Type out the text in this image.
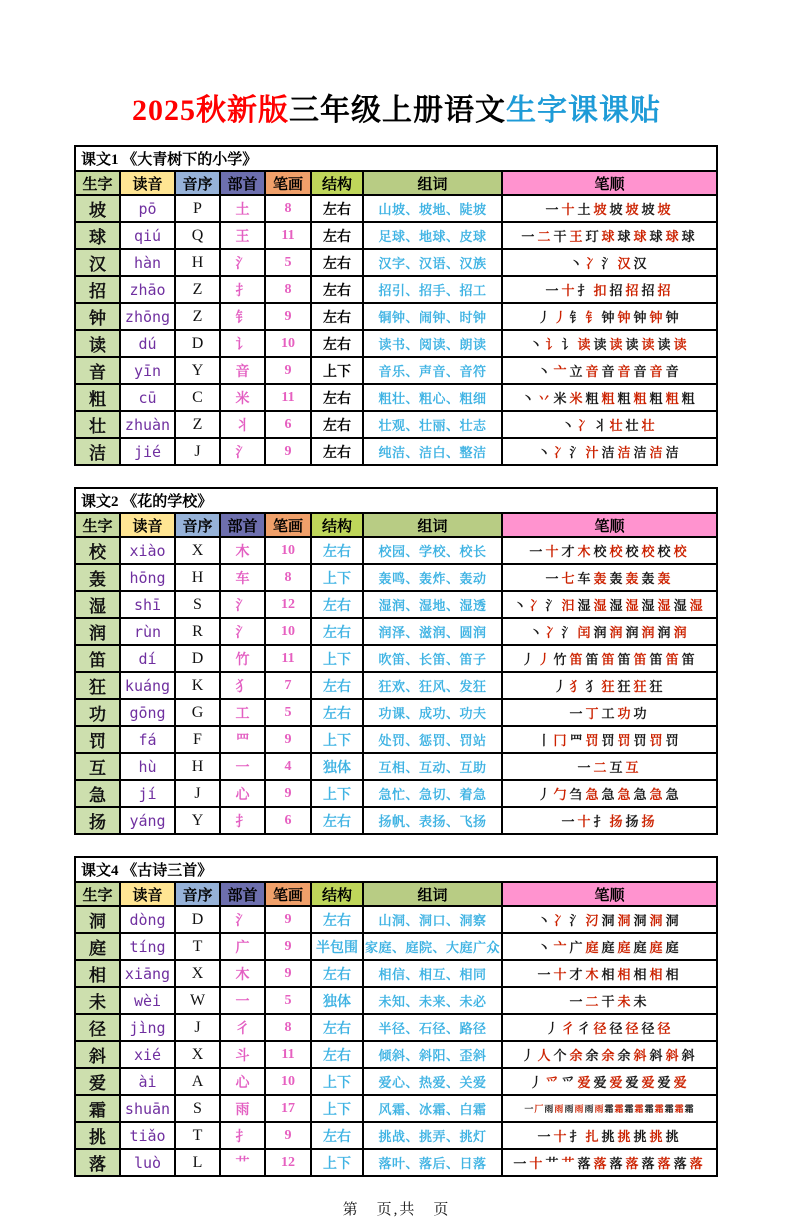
2025秋新版三年级上册语文生字课课贴
课文1 《大青树下的小学》							
生字	读音	音序	部首	笔画	结构	组词	笔顺
坡	pō	P	土	8	左右	山坡、坡地、陡坡	一 十 土 坡 坡 坡 坡 坡
球	qiú	Q	王	11	左右	足球、地球、皮球	一 二 干 王 玎 球 球 球 球 球 球
汉	hàn	H	氵	5	左右	汉字、汉语、汉族	丶 冫 氵 汉 汉
招	zhāo	Z	扌	8	左右	招引、招手、招工	一 十 扌 扣 招 招 招 招
钟	zhōng	Z	钅	9	左右	铜钟、闹钟、时钟	丿 丿 钅 钅 钟 钟 钟 钟 钟
读	dú	D	讠	10	左右	读书、阅读、朗读	丶 讠 讠 读 读 读 读 读 读 读
音	yīn	Y	音	9	上下	音乐、声音、音符	丶 亠 立 音 音 音 音 音 音
粗	cū	C	米	11	左右	粗壮、粗心、粗细	丶 丷 米 米 粗 粗 粗 粗 粗 粗 粗
壮	zhuàn	Z	丬	6	左右	壮观、壮丽、壮志	丶 冫 丬 壮 壮 壮
洁	jié	J	氵	9	左右	纯洁、洁白、整洁	丶 冫 氵 汁 洁 洁 洁 洁 洁
课文2 《花的学校》							
生字	读音	音序	部首	笔画	结构	组词	笔顺
校	xiào	X	木	10	左右	校园、学校、校长	一 十 才 木 校 校 校 校 校 校
轰	hōng	H	车	8	上下	轰鸣、轰炸、轰动	一 七 车 轰 轰 轰 轰 轰
湿	shī	S	氵	12	左右	湿润、湿地、湿透	丶 冫 氵 汨 湿 湿 湿 湿 湿 湿 湿 湿
润	rùn	R	氵	10	左右	润泽、滋润、圆润	丶 冫 氵 闰 润 润 润 润 润 润
笛	dí	D	竹	11	上下	吹笛、长笛、笛子	丿 丿 竹 笛 笛 笛 笛 笛 笛 笛 笛
狂	kuáng	K	犭	7	左右	狂欢、狂风、发狂	丿 犭 犭 狂 狂 狂 狂
功	gōng	G	工	5	左右	功课、成功、功夫	一 丁 工 功 功
罚	fá	F	罒	9	上下	处罚、惩罚、罚站	丨 冂 罒 罚 罚 罚 罚 罚 罚
互	hù	H	一	4	独体	互相、互动、互助	一 二 互 互
急	jí	J	心	9	上下	急忙、急切、着急	丿 勹 刍 急 急 急 急 急 急
扬	yáng	Y	扌	6	左右	扬帆、表扬、飞扬	一 十 扌 扬 扬 扬
课文4 《古诗三首》							
生字	读音	音序	部首	笔画	结构	组词	笔顺
洞	dòng	D	氵	9	左右	山洞、洞口、洞察	丶 冫 氵 汈 洞 洞 洞 洞 洞
庭	tíng	T	广	9	半包围	家庭、庭院、大庭广众	丶 亠 广 庭 庭 庭 庭 庭 庭
相	xiāng	X	木	9	左右	相信、相互、相同	一 十 才 木 相 相 相 相 相
未	wèi	W	一	5	独体	未知、未来、未必	一 二 干 未 未
径	jìng	J	彳	8	左右	半径、石径、路径	丿 彳 彳 径 径 径 径 径
斜	xié	X	斗	11	左右	倾斜、斜阳、歪斜	丿 人 个 余 余 余 余 斜 斜 斜 斜
爱	ài	A	心	10	上下	爱心、热爱、关爱	丿 爫 爫 爱 爱 爱 爱 爱 爱 爱
霜	shuān	S	雨	17	上下	风霜、冰霜、白霜	一厂雨雨雨雨雨雨霜霜霜霜霜霜霜霜霜
挑	tiǎo	T	扌	9	左右	挑战、挑弄、挑灯	一 十 扌 扎 挑 挑 挑 挑 挑
落	luò	L	艹	12	上下	落叶、落后、日落	一 十 艹 艹 落 落 落 落 落 落 落 落
第　页,共　页
